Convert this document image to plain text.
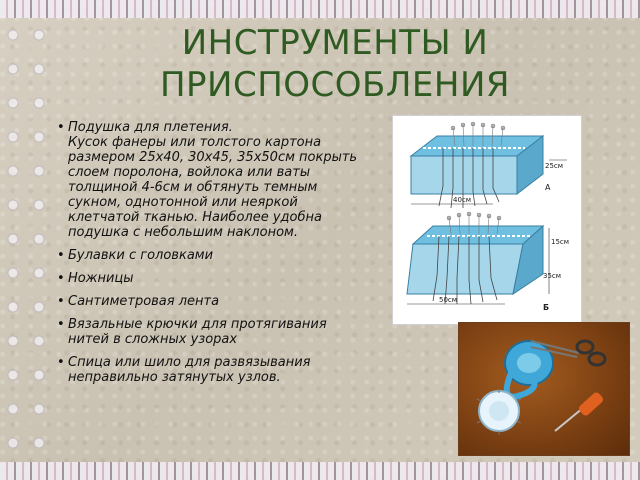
ИНСТРУМЕНТЫ И ПРИСПОСОБЛЕНИЯ
• Подушка для плетения.
Кусок фанеры или толстого картона размером 25х40, 30х45, 35х50см покрыть слоем поролона, войлока или ваты толщиной 4-6см и обтянуть темным сукном, однотонной или неяркой клетчатой тканью. Наиболее удобна подушка с небольшим наклоном.
• Булавки с головками
• Ножницы
• Сантиметровая лента
• Вязальные крючки для протягивания нитей в сложных узорах
• Спица или шило для развязывания неправильно затянутых узлов.
40см
25см
А
50см
15см
35см
Б
